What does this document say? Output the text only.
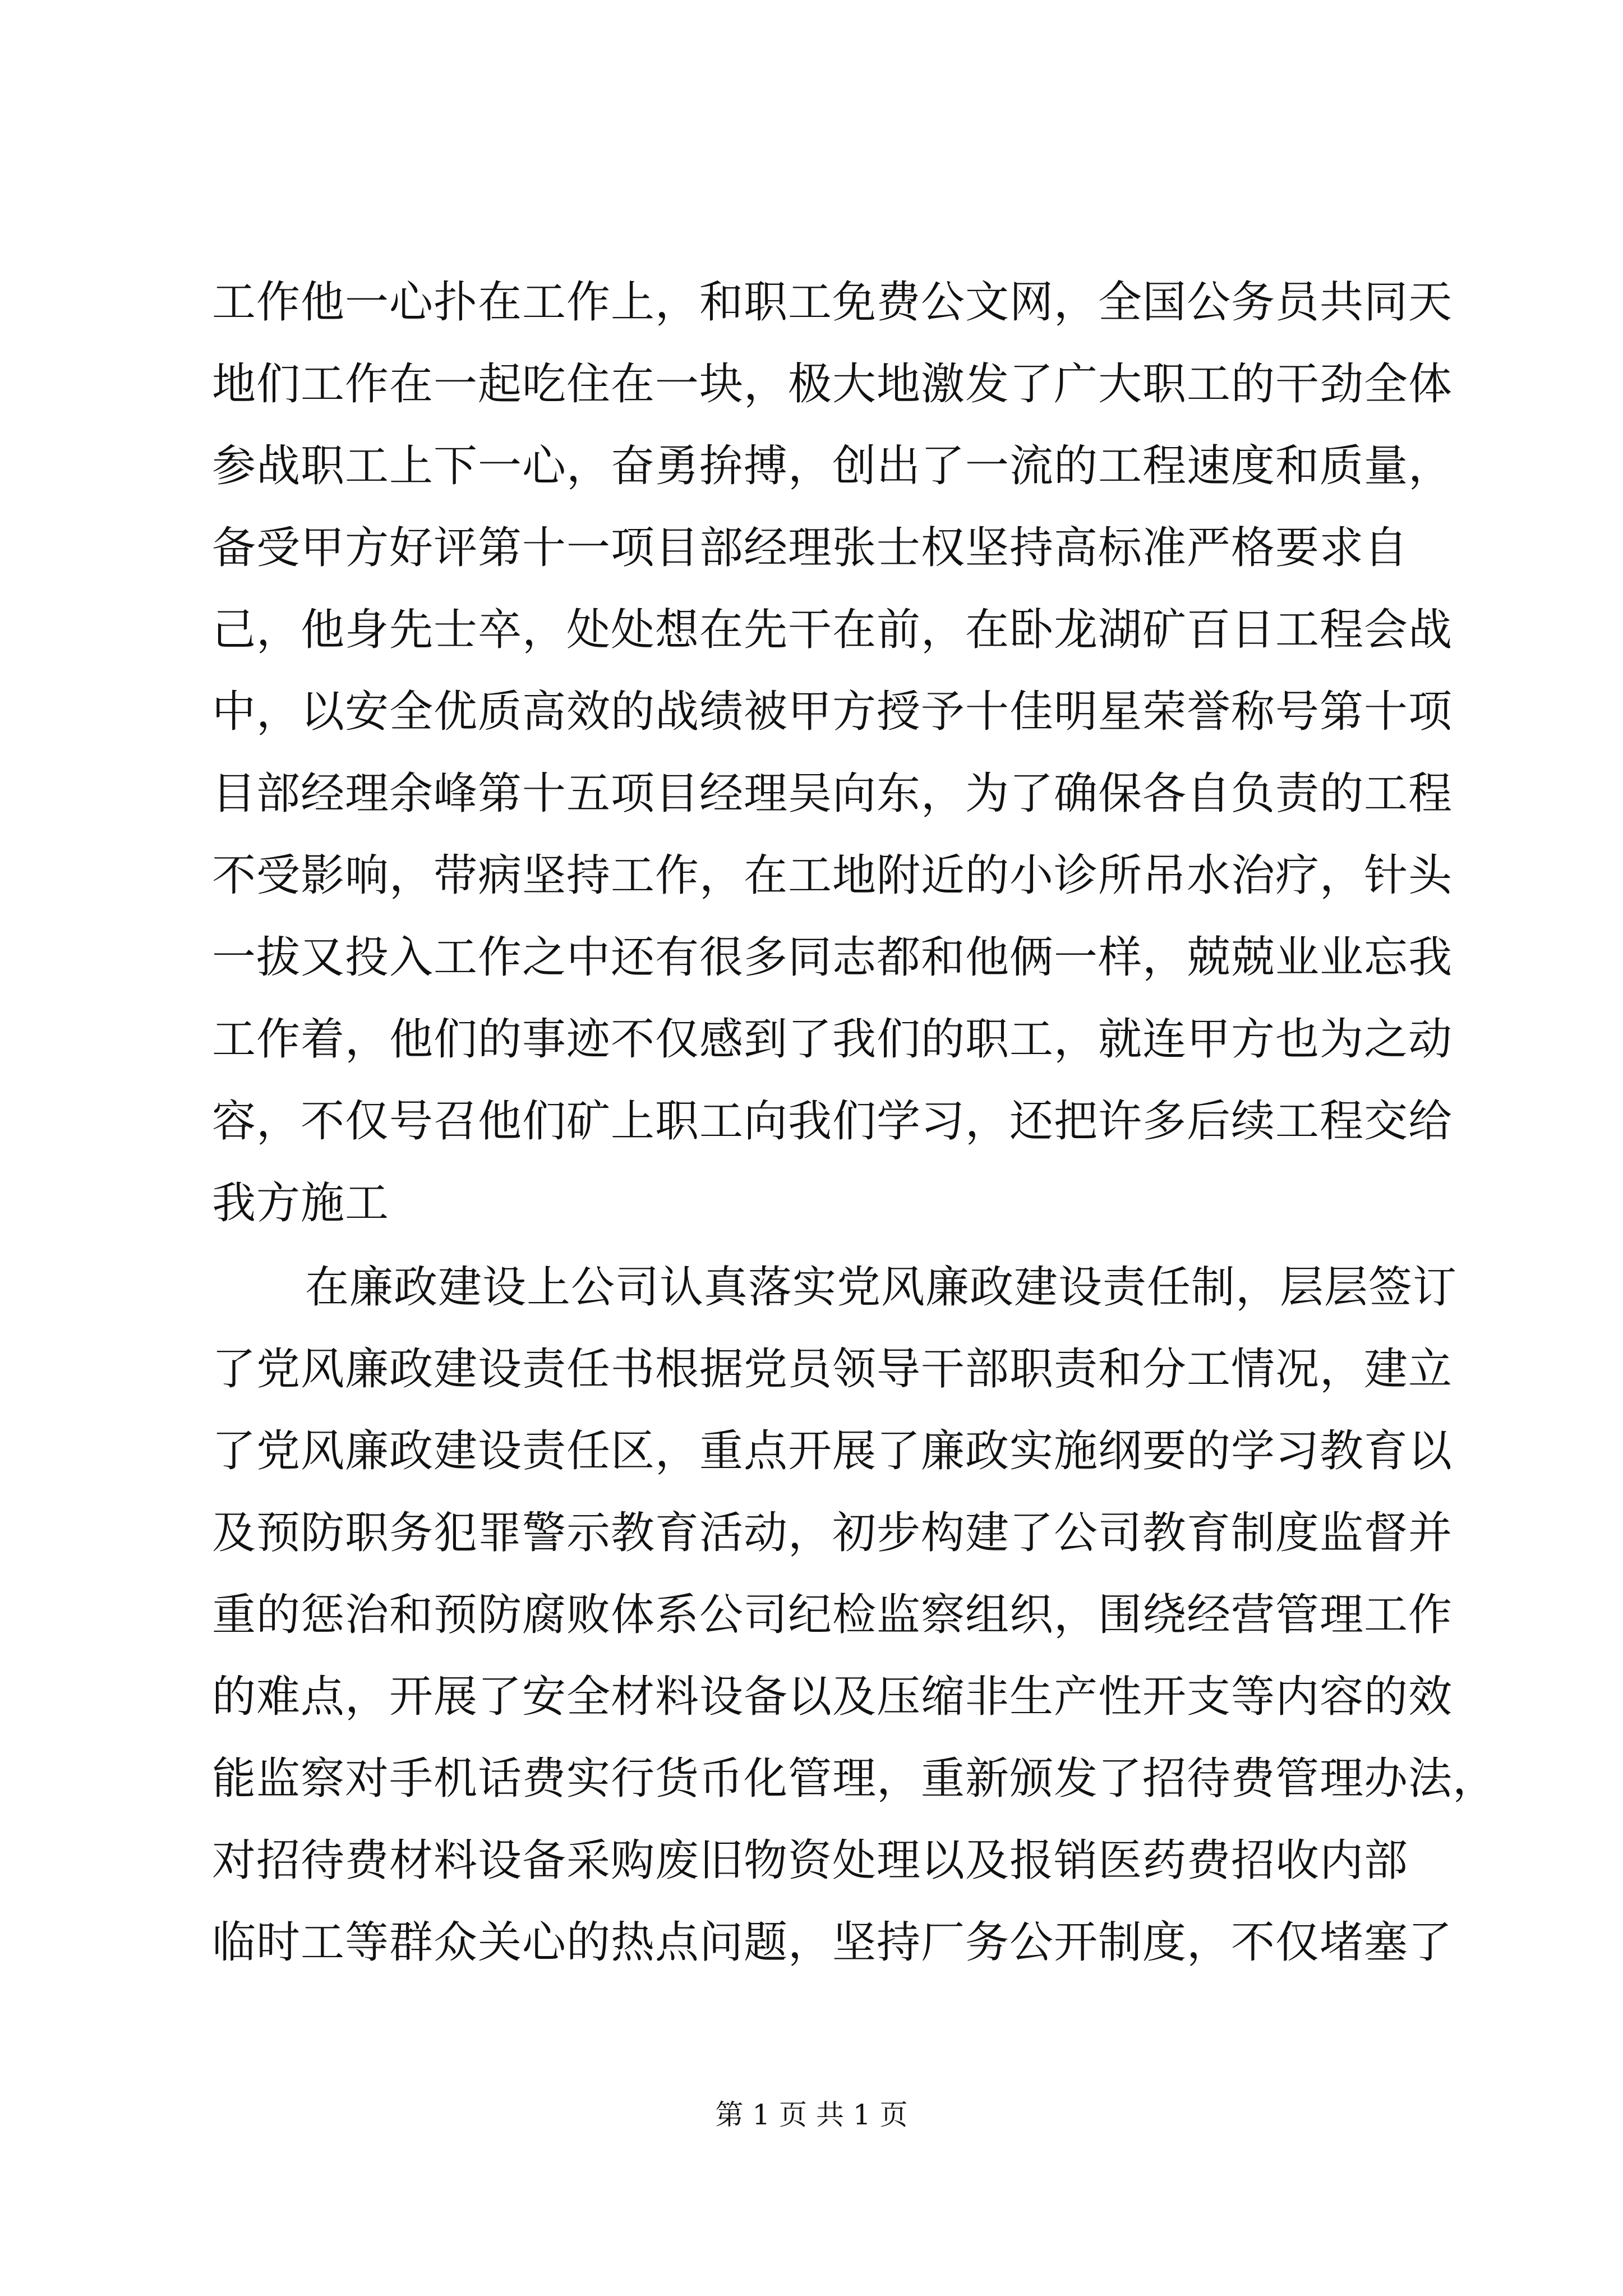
工作他一心扑在工作上，和职工免费公文网，全国公务员共同天
地们工作在一起吃住在一块，极大地激发了广大职工的干劲全体
参战职工上下一心，奋勇拚搏，创出了一流的工程速度和质量，
备受甲方好评第十一项目部经理张士权坚持高标准严格要求自
己，他身先士卒，处处想在先干在前，在卧龙湖矿百日工程会战
中，以安全优质高效的战绩被甲方授予十佳明星荣誉称号第十项
目部经理余峰第十五项目经理吴向东，为了确保各自负责的工程
不受影响，带病坚持工作，在工地附近的小诊所吊水治疗，针头
一拔又投入工作之中还有很多同志都和他俩一样，兢兢业业忘我
工作着，他们的事迹不仅感到了我们的职工，就连甲方也为之动
容，不仅号召他们矿上职工向我们学习，还把许多后续工程交给
我方施工
在廉政建设上公司认真落实党风廉政建设责任制，层层签订
了党风廉政建设责任书根据党员领导干部职责和分工情况，建立
了党风廉政建设责任区，重点开展了廉政实施纲要的学习教育以
及预防职务犯罪警示教育活动，初步构建了公司教育制度监督并
重的惩治和预防腐败体系公司纪检监察组织，围绕经营管理工作
的难点，开展了安全材料设备以及压缩非生产性开支等内容的效
能监察对手机话费实行货币化管理，重新颁发了招待费管理办法，
对招待费材料设备采购废旧物资处理以及报销医药费招收内部
临时工等群众关心的热点问题，坚持厂务公开制度，不仅堵塞了
第 1 页 共 1 页
